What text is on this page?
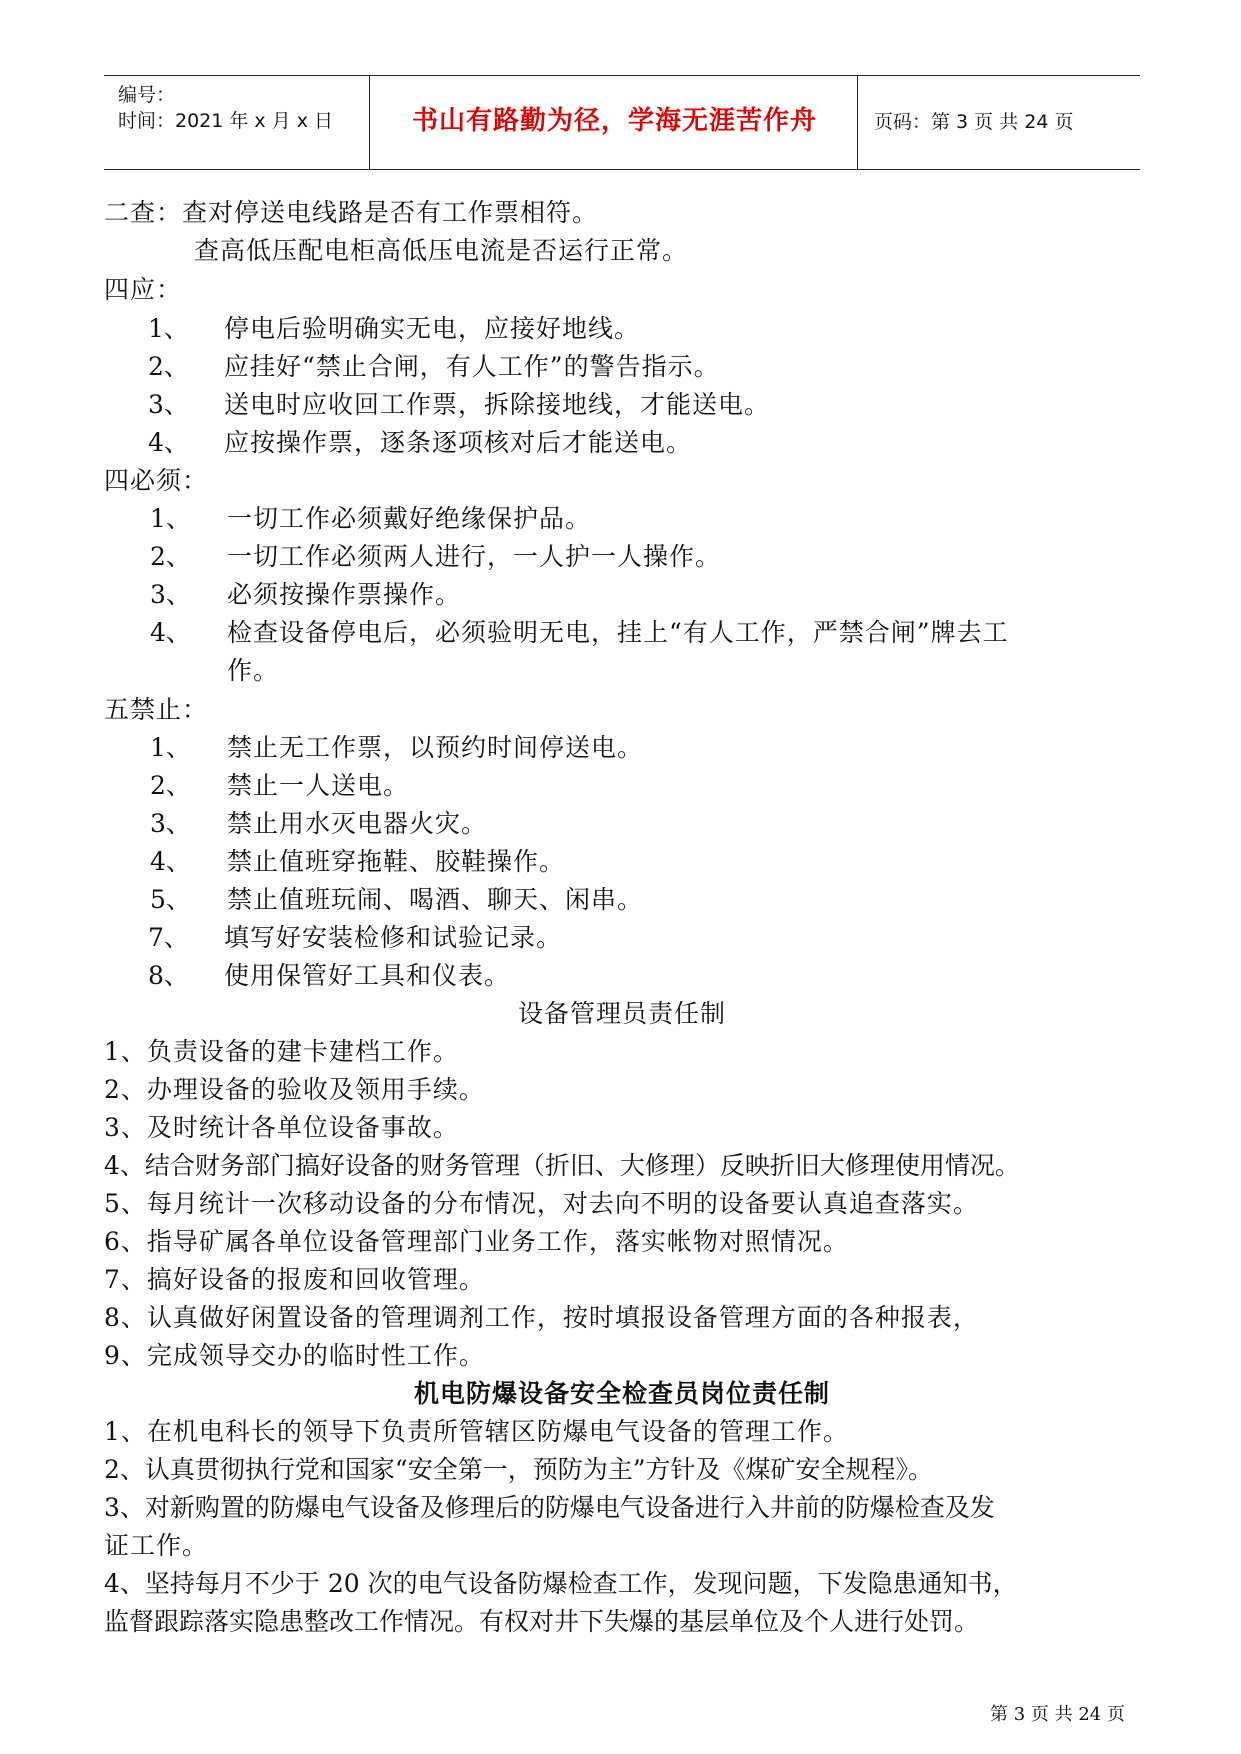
编号：
时间：2021 年 x 月 x 日	书山有路勤为径，学海无涯苦作舟	页码：第 3 页 共 24 页
二查：查对停送电线路是否有工作票相符。
查高低压配电柜高低压电流是否运行正常。
四应：
1、 停电后验明确实无电，应接好地线。
2、 应挂好“禁止合闸，有人工作”的警告指示。
3、 送电时应收回工作票，拆除接地线，才能送电。
4、 应按操作票，逐条逐项核对后才能送电。
四必须：
1、 一切工作必须戴好绝缘保护品。
2、 一切工作必须两人进行，一人护一人操作。
3、 必须按操作票操作。
4、 检查设备停电后，必须验明无电，挂上“有人工作，严禁合闸”牌去工
作。
五禁止：
1、 禁止无工作票，以预约时间停送电。
2、 禁止一人送电。
3、 禁止用水灭电器火灾。
4、 禁止值班穿拖鞋、胶鞋操作。
5、 禁止值班玩闹、喝酒、聊天、闲串。
7、 填写好安装检修和试验记录。
8、 使用保管好工具和仪表。
设备管理员责任制
1、负责设备的建卡建档工作。
2、办理设备的验收及领用手续。
3、及时统计各单位设备事故。
4、结合财务部门搞好设备的财务管理（折旧、大修理）反映折旧大修理使用情况。
5、每月统计一次移动设备的分布情况，对去向不明的设备要认真追查落实。
6、指导矿属各单位设备管理部门业务工作，落实帐物对照情况。
7、搞好设备的报废和回收管理。
8、认真做好闲置设备的管理调剂工作，按时填报设备管理方面的各种报表，
9、完成领导交办的临时性工作。
机电防爆设备安全检查员岗位责任制
1、在机电科长的领导下负责所管辖区防爆电气设备的管理工作。
2、认真贯彻执行党和国家“安全第一，预防为主”方针及《煤矿安全规程》。
3、对新购置的防爆电气设备及修理后的防爆电气设备进行入井前的防爆检查及发
证工作。
4、坚持每月不少于 20 次的电气设备防爆检查工作，发现问题，下发隐患通知书，
监督跟踪落实隐患整改工作情况。有权对井下失爆的基层单位及个人进行处罚。
第 3 页 共 24 页
